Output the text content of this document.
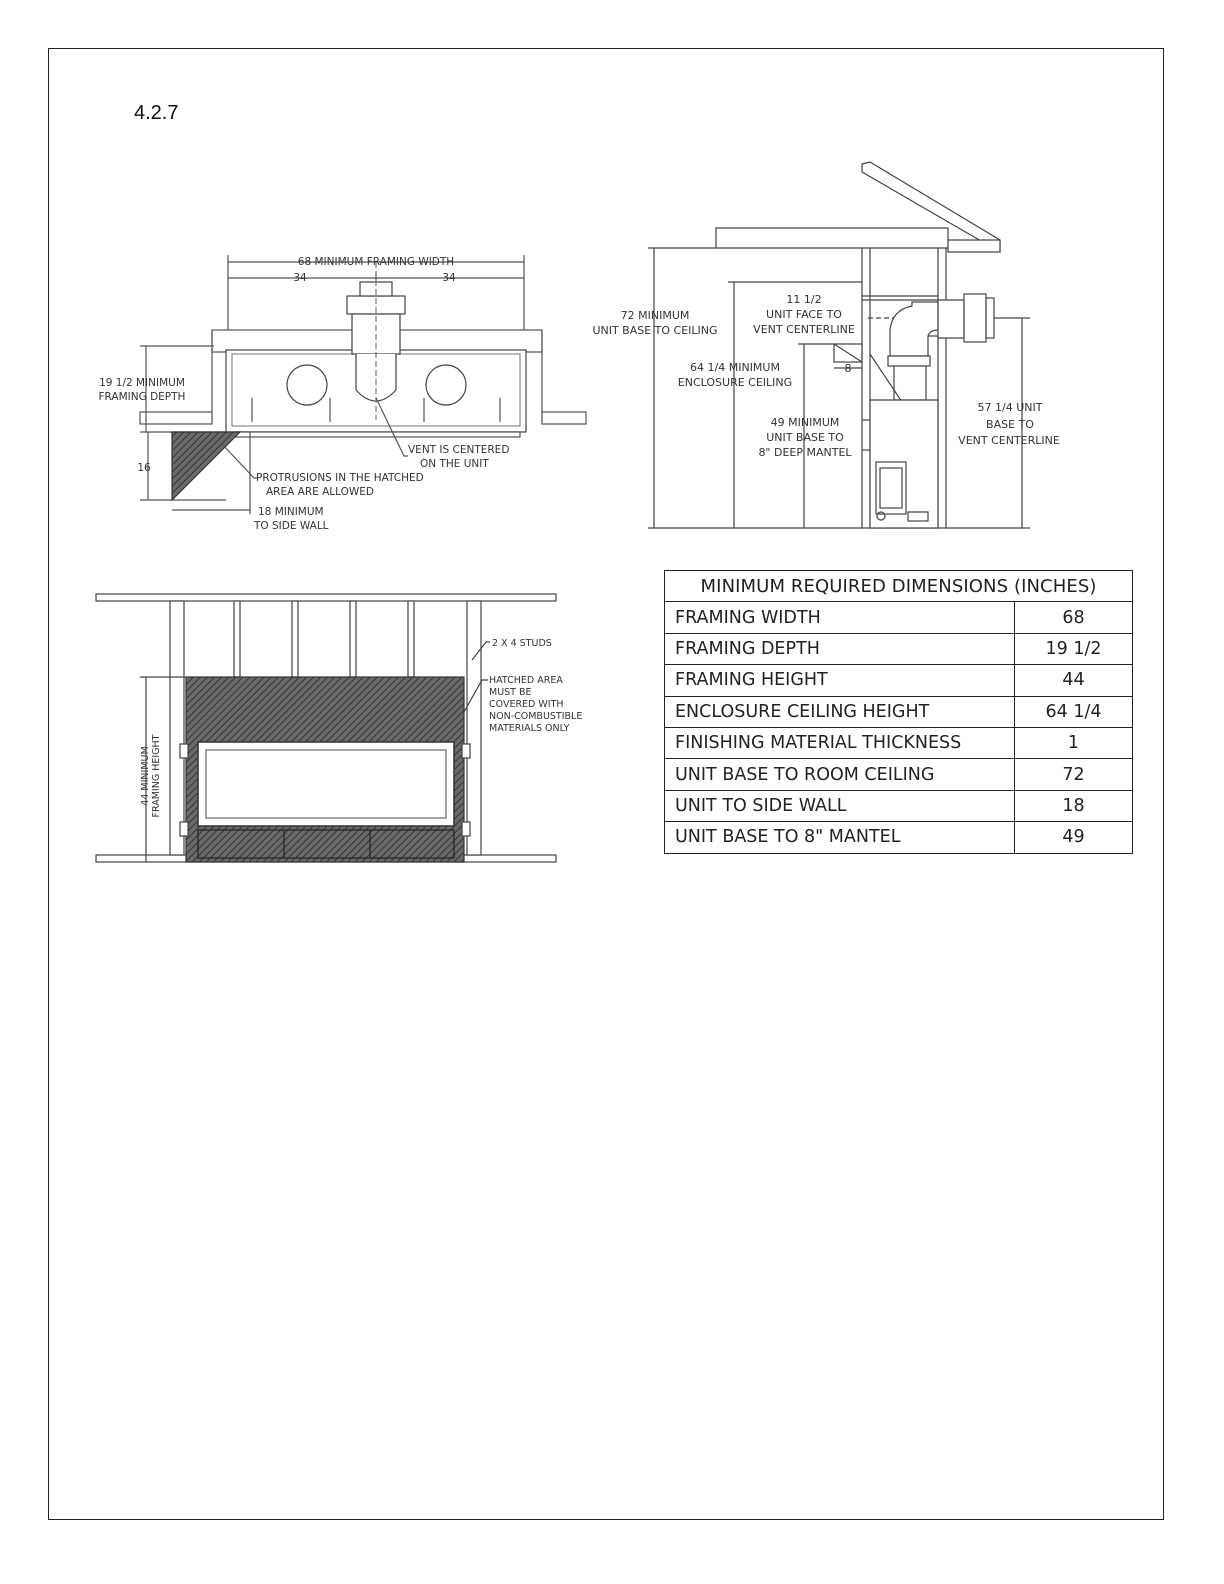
4.2.7
68 MINIMUM FRAMING WIDTH
34	34
19 1/2 MINIMUM
FRAMING DEPTH
16
VENT IS CENTERED
ON THE UNIT
PROTRUSIONS IN THE HATCHED
AREA ARE ALLOWED
18 MINIMUM
TO SIDE WALL
72 MINIMUM
UNIT BASE TO CEILING
11 1/2
UNIT FACE TO
VENT CENTERLINE
64 1/4 MINIMUM
ENCLOSURE CEILING
8
49 MINIMUM
UNIT BASE TO
8" DEEP MANTEL
57 1/4 UNIT
BASE TO
VENT CENTERLINE
2 X 4 STUDS
HATCHED AREA
MUST BE
COVERED WITH
NON-COMBUSTIBLE
MATERIALS ONLY
44 MINIMUM FRAMING HEIGHT
MINIMUM REQUIRED DIMENSIONS (INCHES)	
FRAMING WIDTH	68
FRAMING DEPTH	19 1/2
FRAMING HEIGHT	44
ENCLOSURE CEILING HEIGHT	64 1/4
FINISHING MATERIAL THICKNESS	1
UNIT BASE TO ROOM CEILING	72
UNIT TO SIDE WALL	18
UNIT BASE TO 8" MANTEL	49
